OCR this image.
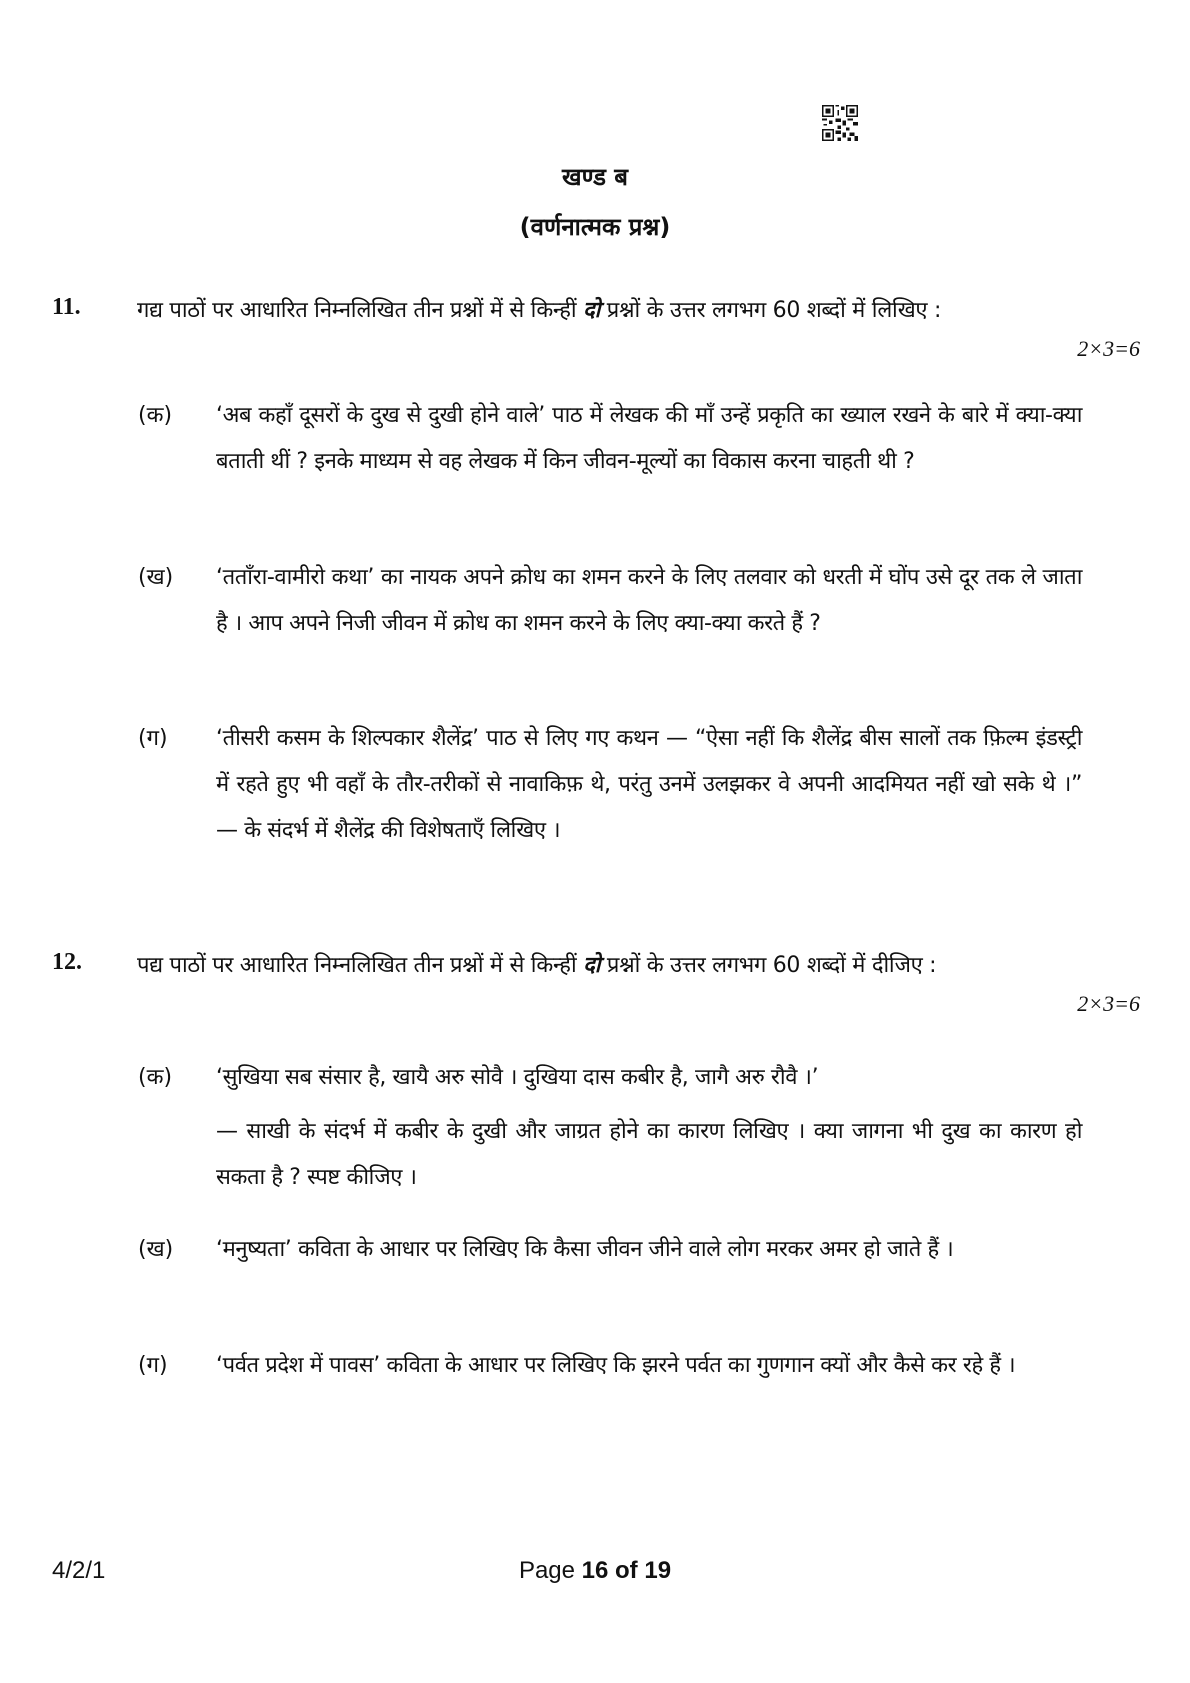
खण्ड ब
(वर्णनात्मक प्रश्न)
11.	गद्य पाठों पर आधारित निम्नलिखित तीन प्रश्नों में से किन्हीं दो प्रश्नों के उत्तर लगभग 60 शब्दों में लिखिए :
2×3=6
(क) ‘अब कहाँ दूसरों के दुख से दुखी होने वाले’ पाठ में लेखक की माँ उन्हें प्रकृति का ख्याल रखने के बारे में क्या-क्या बताती थीं ? इनके माध्यम से वह लेखक में किन जीवन-मूल्यों का विकास करना चाहती थी ?
(ख) ‘तताँरा-वामीरो कथा’ का नायक अपने क्रोध का शमन करने के लिए तलवार को धरती में घोंप उसे दूर तक ले जाता है । आप अपने निजी जीवन में क्रोध का शमन करने के लिए क्या-क्या करते हैं ?
(ग) ‘तीसरी कसम के शिल्पकार शैलेंद्र’ पाठ से लिए गए कथन — “ऐसा नहीं कि शैलेंद्र बीस सालों तक फ़िल्म इंडस्ट्री में रहते हुए भी वहाँ के तौर-तरीकों से नावाकिफ़ थे, परंतु उनमें उलझकर वे अपनी आदमियत नहीं खो सके थे ।” — के संदर्भ में शैलेंद्र की विशेषताएँ लिखिए ।
12.	पद्य पाठों पर आधारित निम्नलिखित तीन प्रश्नों में से किन्हीं दो प्रश्नों के उत्तर लगभग 60 शब्दों में दीजिए :
2×3=6
(क) ‘सुखिया सब संसार है, खायै अरु सोवै । दुखिया दास कबीर है, जागै अरु रौवै ।’
— साखी के संदर्भ में कबीर के दुखी और जाग्रत होने का कारण लिखिए । क्या जागना भी दुख का कारण हो सकता है ? स्पष्ट कीजिए ।
(ख) ‘मनुष्यता’ कविता के आधार पर लिखिए कि कैसा जीवन जीने वाले लोग मरकर अमर हो जाते हैं ।
(ग) ‘पर्वत प्रदेश में पावस’ कविता के आधार पर लिखिए कि झरने पर्वत का गुणगान क्यों और कैसे कर रहे हैं ।
4/2/1	Page 16 of 19
